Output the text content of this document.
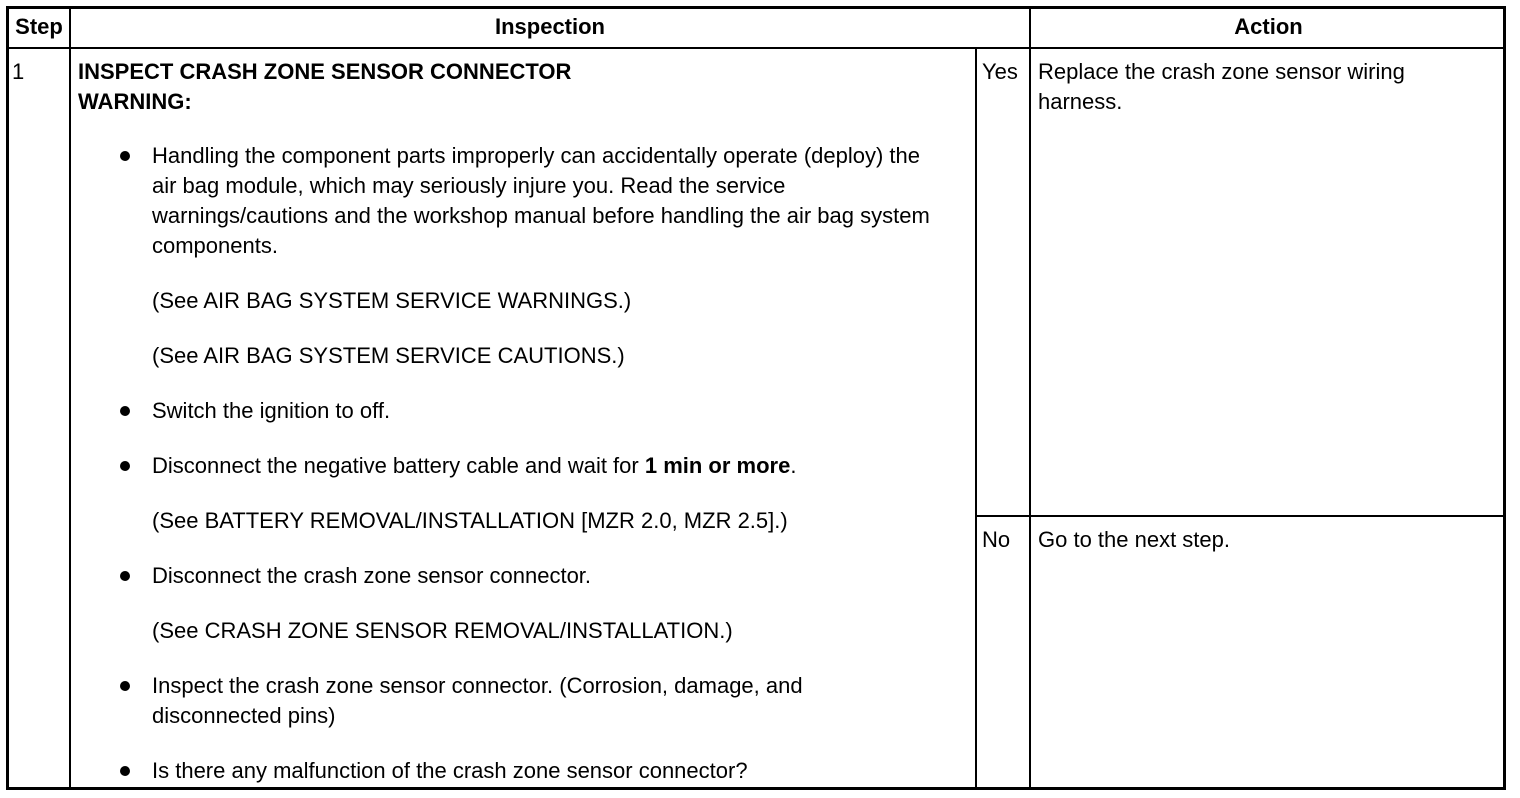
Step	Inspection	Action
1 INSPECT CRASH ZONE SENSOR CONNECTOR
WARNING:
Handling the component parts improperly can accidentally operate (deploy) the air bag module, which may seriously injure you. Read the service warnings/cautions and the workshop manual before handling the air bag system components.
(See AIR BAG SYSTEM SERVICE WARNINGS.)
(See AIR BAG SYSTEM SERVICE CAUTIONS.)
Switch the ignition to off.
Disconnect the negative battery cable and wait for 1 min or more.
(See BATTERY REMOVAL/INSTALLATION [MZR 2.0, MZR 2.5].)
Disconnect the crash zone sensor connector.
(See CRASH ZONE SENSOR REMOVAL/INSTALLATION.)
Inspect the crash zone sensor connector. (Corrosion, damage, and disconnected pins)
Is there any malfunction of the crash zone sensor connector?
Yes
No
Replace the crash zone sensor wiring harness.
Go to the next step.
